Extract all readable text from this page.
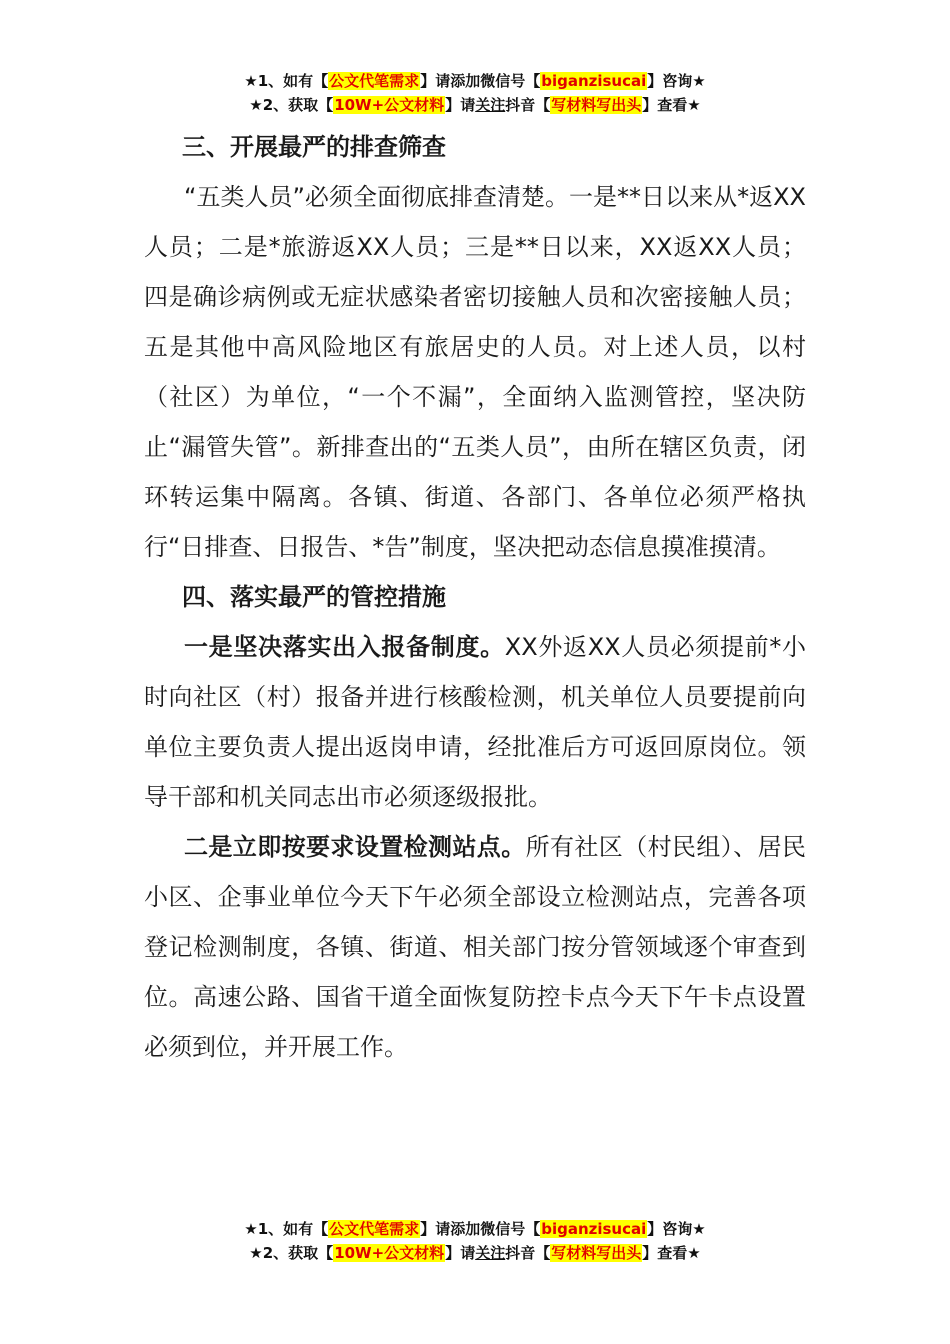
★1、如有【公文代笔需求】请添加微信号【biganzisucai】咨询★
★2、获取【10W+公文材料】请关注抖音【写材料写出头】查看★

三、开展最严的排查筛查

“五类人员”必须全面彻底排查清楚。一是**日以来从*返XX人员；二是*旅游返XX人员；三是**日以来，XX返XX人员；四是确诊病例或无症状感染者密切接触人员和次密接触人员；五是其他中高风险地区有旅居史的人员。对上述人员，以村（社区）为单位，“一个不漏”，全面纳入监测管控，坚决防止“漏管失管”。新排查出的“五类人员”，由所在辖区负责，闭环转运集中隔离。各镇、街道、各部门、各单位必须严格执行“日排查、日报告、*告”制度，坚决把动态信息摸准摸清。

四、落实最严的管控措施

一是坚决落实出入报备制度。XX外返XX人员必须提前*小时向社区（村）报备并进行核酸检测，机关单位人员要提前向单位主要负责人提出返岗申请，经批准后方可返回原岗位。领导干部和机关同志出市必须逐级报批。

二是立即按要求设置检测站点。所有社区（村民组）、居民小区、企事业单位今天下午必须全部设立检测站点，完善各项登记检测制度，各镇、街道、相关部门按分管领域逐个审查到位。高速公路、国省干道全面恢复防控卡点今天下午卡点设置必须到位，并开展工作。

★1、如有【公文代笔需求】请添加微信号【biganzisucai】咨询★
★2、获取【10W+公文材料】请关注抖音【写材料写出头】查看★
